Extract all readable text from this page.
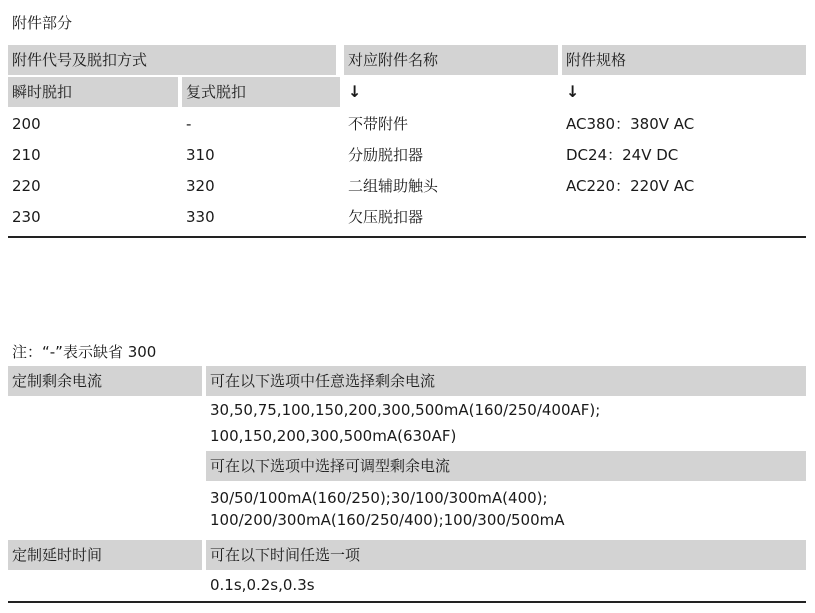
附件部分
附件代号及脱扣方式	对应附件名称	附件规格
瞬时脱扣	复式脱扣	↓	↓
200	-	不带附件	AC380：380V AC
210	310	分励脱扣器	DC24：24V DC
220	320	二组辅助触头	AC220：220V AC
230	330	欠压脱扣器
注：“-”表示缺省 300
定制剩余电流	可在以下选项中任意选择剩余电流
30,50,75,100,150,200,300,500mA(160/250/400AF);
100,150,200,300,500mA(630AF)
可在以下选项中选择可调型剩余电流
30/50/100mA(160/250);30/100/300mA(400);
100/200/300mA(160/250/400);100/300/500mA
定制延时时间	可在以下时间任选一项
0.1s,0.2s,0.3s
